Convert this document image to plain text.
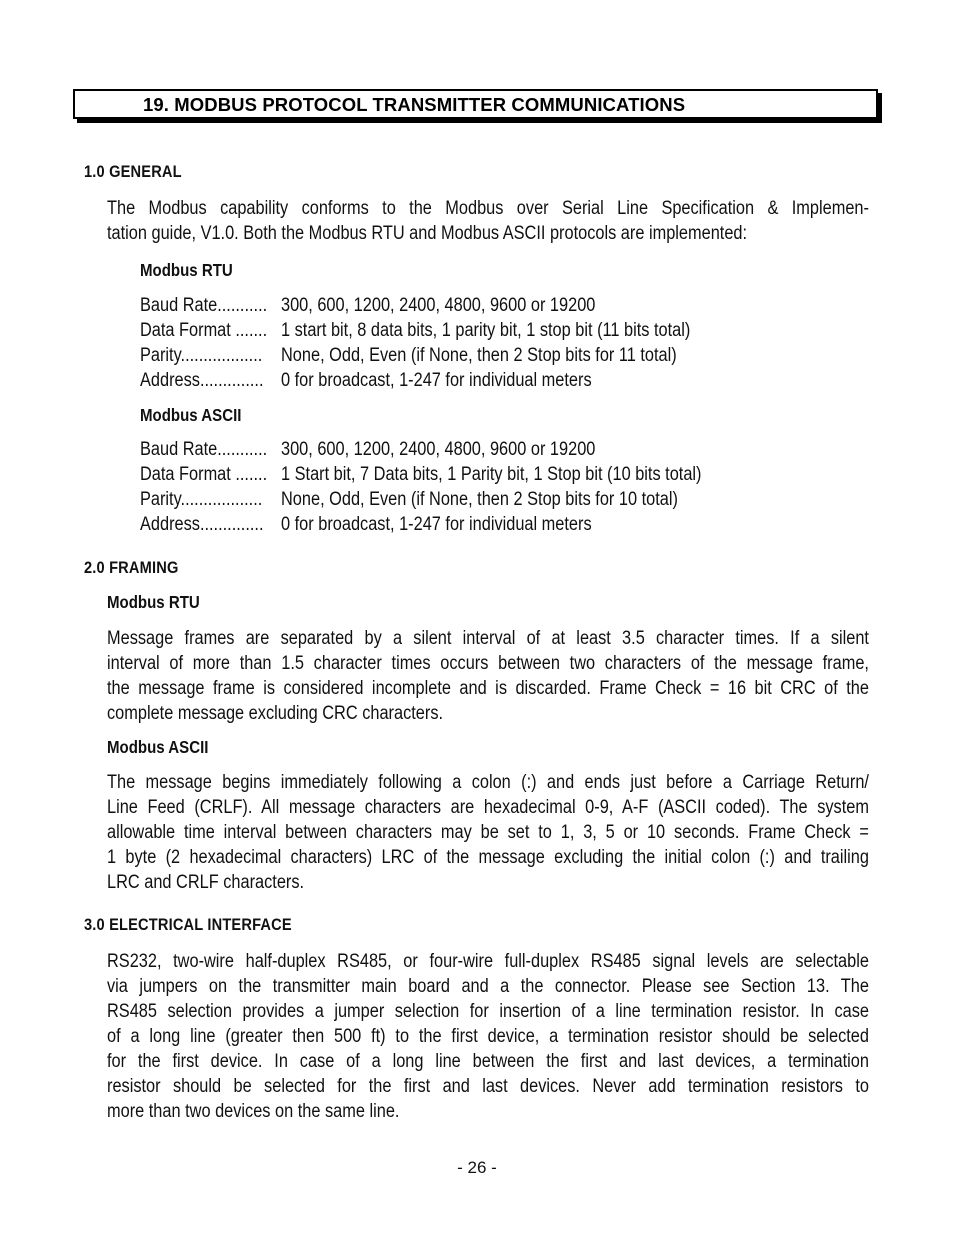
19. MODBUS PROTOCOL TRANSMITTER COMMUNICATIONS
1.0 GENERAL
The Modbus capability conforms to the Modbus over Serial Line Specification & Implemen-
tation guide, V1.0. Both the Modbus RTU and Modbus ASCII protocols are implemented:
Modbus RTU
Baud Rate........... 300, 600, 1200, 2400, 4800, 9600 or 19200
Data Format ....... 1 start bit, 8 data bits, 1 parity bit, 1 stop bit (11 bits total)
Parity.................. None, Odd, Even (if None, then 2 Stop bits for 11 total)
Address.............. 0 for broadcast, 1-247 for individual meters
Modbus ASCII
Baud Rate........... 300, 600, 1200, 2400, 4800, 9600 or 19200
Data Format ....... 1 Start bit, 7 Data bits, 1 Parity bit, 1 Stop bit (10 bits total)
Parity.................. None, Odd, Even (if None, then 2 Stop bits for 10 total)
Address.............. 0 for broadcast, 1-247 for individual meters
2.0 FRAMING
Modbus RTU
Message frames are separated by a silent interval of at least 3.5 character times. If a silent
interval of more than 1.5 character times occurs between two characters of the message frame,
the message frame is considered incomplete and is discarded. Frame Check = 16 bit CRC of the
complete message excluding CRC characters.
Modbus ASCII
The message begins immediately following a colon (:) and ends just before a Carriage Return/
Line Feed (CRLF). All message characters are hexadecimal 0-9, A-F (ASCII coded). The system
allowable time interval between characters may be set to 1, 3, 5 or 10 seconds. Frame Check =
1 byte (2 hexadecimal characters) LRC of the message excluding the initial colon (:) and trailing
LRC and CRLF characters.
3.0 ELECTRICAL INTERFACE
RS232, two-wire half-duplex RS485, or four-wire full-duplex RS485 signal levels are selectable
via jumpers on the transmitter main board and a the connector. Please see Section 13. The
RS485 selection provides a jumper selection for insertion of a line termination resistor. In case
of a long line (greater then 500 ft) to the first device, a termination resistor should be selected
for the first device. In case of a long line between the first and last devices, a termination
resistor should be selected for the first and last devices. Never add termination resistors to
more than two devices on the same line.
- 26 -
